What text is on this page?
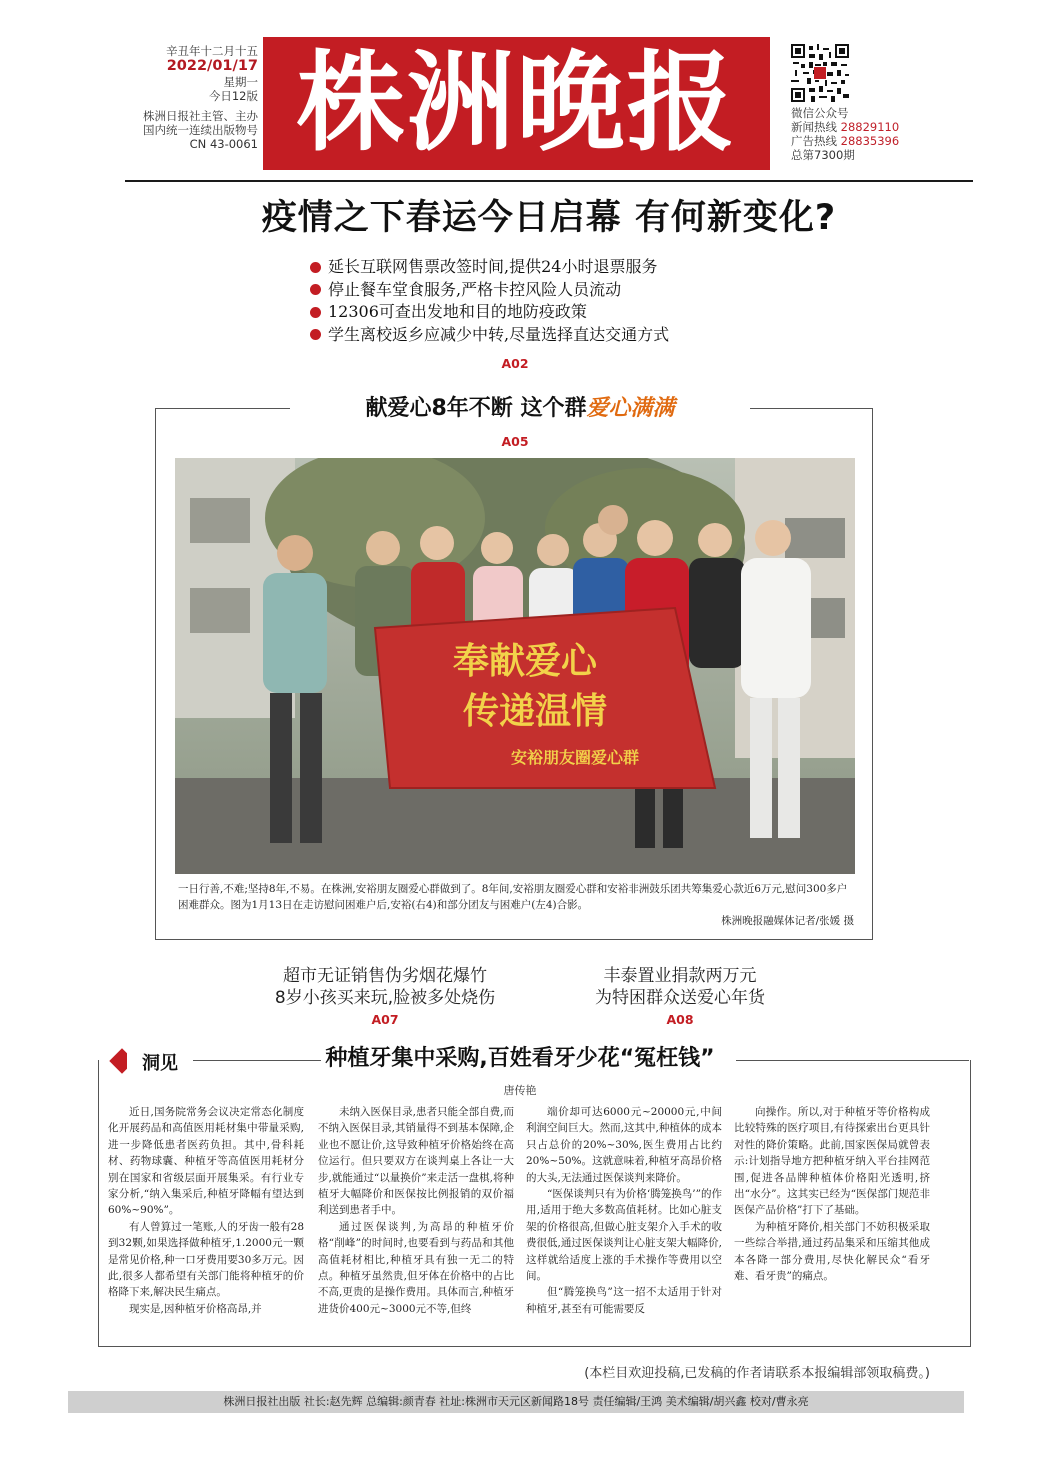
辛丑年十二月十五
2022/01/17
星期一
今日12版
株洲日报社主管、主办
国内统一连续出版物号
CN 43-0061 株洲晚报	微信公众号
新闻热线 28829110
广告热线 28835396
总第7300期
疫情之下春运今日启幕 有何新变化?
延长互联网售票改签时间,提供24小时退票服务
停止餐车堂食服务,严格卡控风险人员流动
12306可查出发地和目的地防疫政策
学生离校返乡应减少中转,尽量选择直达交通方式
A02
献爱心8年不断 这个群爱心满满
A05
奉献爱心
传递温情
安裕朋友圈爱心群
一日行善,不难;坚持8年,不易。在株洲,安裕朋友圈爱心群做到了。8年间,安裕朋友圈爱心群和安裕非洲鼓乐团共筹集爱心款近6万元,慰问300多户困难群众。图为1月13日在走访慰问困难户后,安裕(右4)和部分团友与困难户(左4)合影。
株洲晚报融媒体记者/张媛 摄
超市无证销售伪劣烟花爆竹
8岁小孩买来玩,脸被多处烧伤
A07
丰泰置业捐款两万元
为特困群众送爱心年货
A08
洞见	种植牙集中采购,百姓看牙少花“冤枉钱”
唐传艳
近日,国务院常务会议决定常态化制度化开展药品和高值医用耗材集中带量采购,进一步降低患者医药负担。其中,骨科耗材、药物球囊、种植牙等高值医用耗材分别在国家和省级层面开展集采。有行业专家分析,“纳入集采后,种植牙降幅有望达到60%~90%”。
有人曾算过一笔账,人的牙齿一般有28到32颗,如果选择做种植牙,1.2000元一颗是常见价格,种一口牙费用要30多万元。因此,很多人都希望有关部门能将种植牙的价格降下来,解决民生痛点。
现实是,因种植牙价格高昂,并
未纳入医保目录,患者只能全部自费,而不纳入医保目录,其销量得不到基本保障,企业也不愿让价,这导致种植牙价格始终在高位运行。但只要双方在谈判桌上各让一大步,就能通过“以量换价”来走活一盘棋,将种植牙大幅降价和医保按比例报销的双价福利送到患者手中。
通过医保谈判,为高昂的种植牙价格“削峰”的时间时,也要看到与药品和其他高值耗材相比,种植牙具有独一无二的特点。种植牙虽然贵,但牙体在价格中的占比不高,更贵的是操作费用。具体而言,种植牙进货价400元~3000元不等,但终
端价却可达6000元~20000元,中间利润空间巨大。然而,这其中,种植体的成本只占总价的20%~30%,医生费用占比约20%~50%。这就意味着,种植牙高昂价格的大头,无法通过医保谈判来降价。
“医保谈判只有为价格‘腾笼换鸟’”的作用,适用于绝大多数高值耗材。比如心脏支架的价格很高,但做心脏支架介入手术的收费很低,通过医保谈判让心脏支架大幅降价,这样就给适度上涨的手术操作等费用以空间。
但“腾笼换鸟”这一招不太适用于针对种植牙,甚至有可能需要反
向操作。所以,对于种植牙等价格构成比较特殊的医疗项目,有待探索出台更具针对性的降价策略。此前,国家医保局就曾表示:计划指导地方把种植牙纳入平台挂网范围,促进各品牌种植体价格阳光透明,挤出“水分”。这其实已经为“医保部门规范非医保产品价格”打下了基础。
为种植牙降价,相关部门不妨积极采取一些综合举措,通过药品集采和压缩其他成本各降一部分费用,尽快化解民众“看牙难、看牙贵”的痛点。
(本栏目欢迎投稿,已发稿的作者请联系本报编辑部领取稿费。)
株洲日报社出版 社长:赵先辉 总编辑:颜青春 社址:株洲市天元区新闻路18号 责任编辑/王鸿 美术编辑/胡兴鑫 校对/曹永亮
